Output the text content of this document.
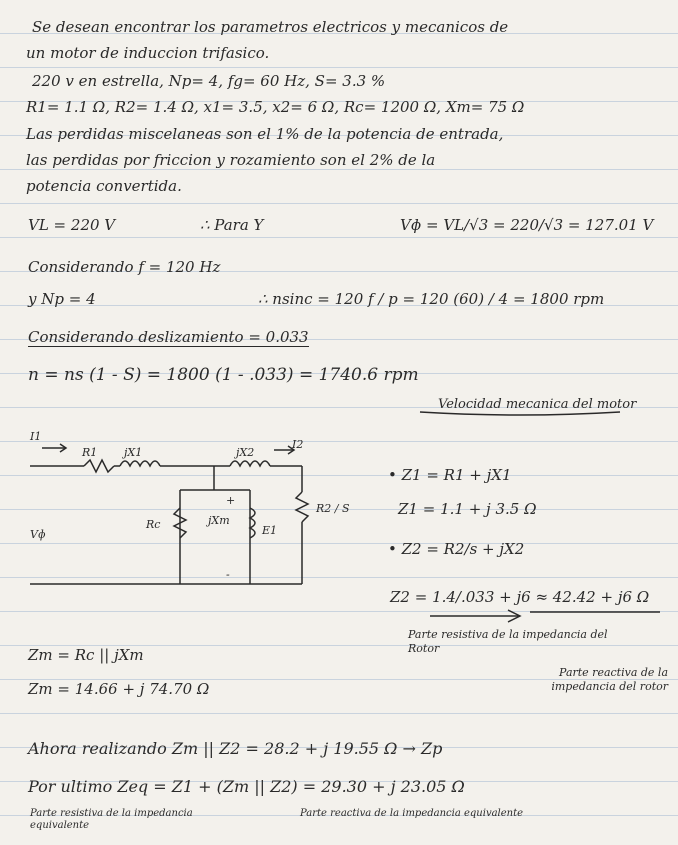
Se desean encontrar los parametros electricos y mecanicos de
un motor de induccion trifasico.
220 v en estrella, Np= 4, fg= 60 Hz, S= 3.3 %
R1= 1.1 Ω, R2= 1.4 Ω, x1= 3.5, x2= 6 Ω, Rc= 1200 Ω, Xm= 75 Ω
Las perdidas miscelaneas son el 1% de la potencia de entrada,
las perdidas por friccion y rozamiento son el 2% de la
potencia convertida.
VL = 220 V	∴ Para Y	Vɸ = VL/√3 = 220/√3 = 127.01 V
Considerando f = 120 Hz
y Np = 4	∴ nsinc = 120 f / p = 120 (60) / 4 = 1800 rpm
Considerando deslizamiento = 0.033
n = ns (1 - S) = 1800 (1 - .033) = 1740.6 rpm
Velocidad mecanica del motor
I1
R1 jX1	jX2
I2
R2 / S
Vɸ
Rc	jXm
E1
+
-
• Z1 = R1 + jX1
Z1 = 1.1 + j 3.5 Ω
• Z2 = R2/s + jX2
Z2 = 1.4/.033 + j6 ≈ 42.42 + j6 Ω
Parte resistiva de la impedancia del Rotor
Parte reactiva de la impedancia del rotor
Zm = Rc || jXm
Zm = 14.66 + j 74.70 Ω
Ahora realizando Zm || Z2 = 28.2 + j 19.55 Ω → Zp
Por ultimo Zeq = Z1 + (Zm || Z2) = 29.30 + j 23.05 Ω
Parte resistiva de la impedancia equivalente
Parte reactiva de la impedancia equivalente
